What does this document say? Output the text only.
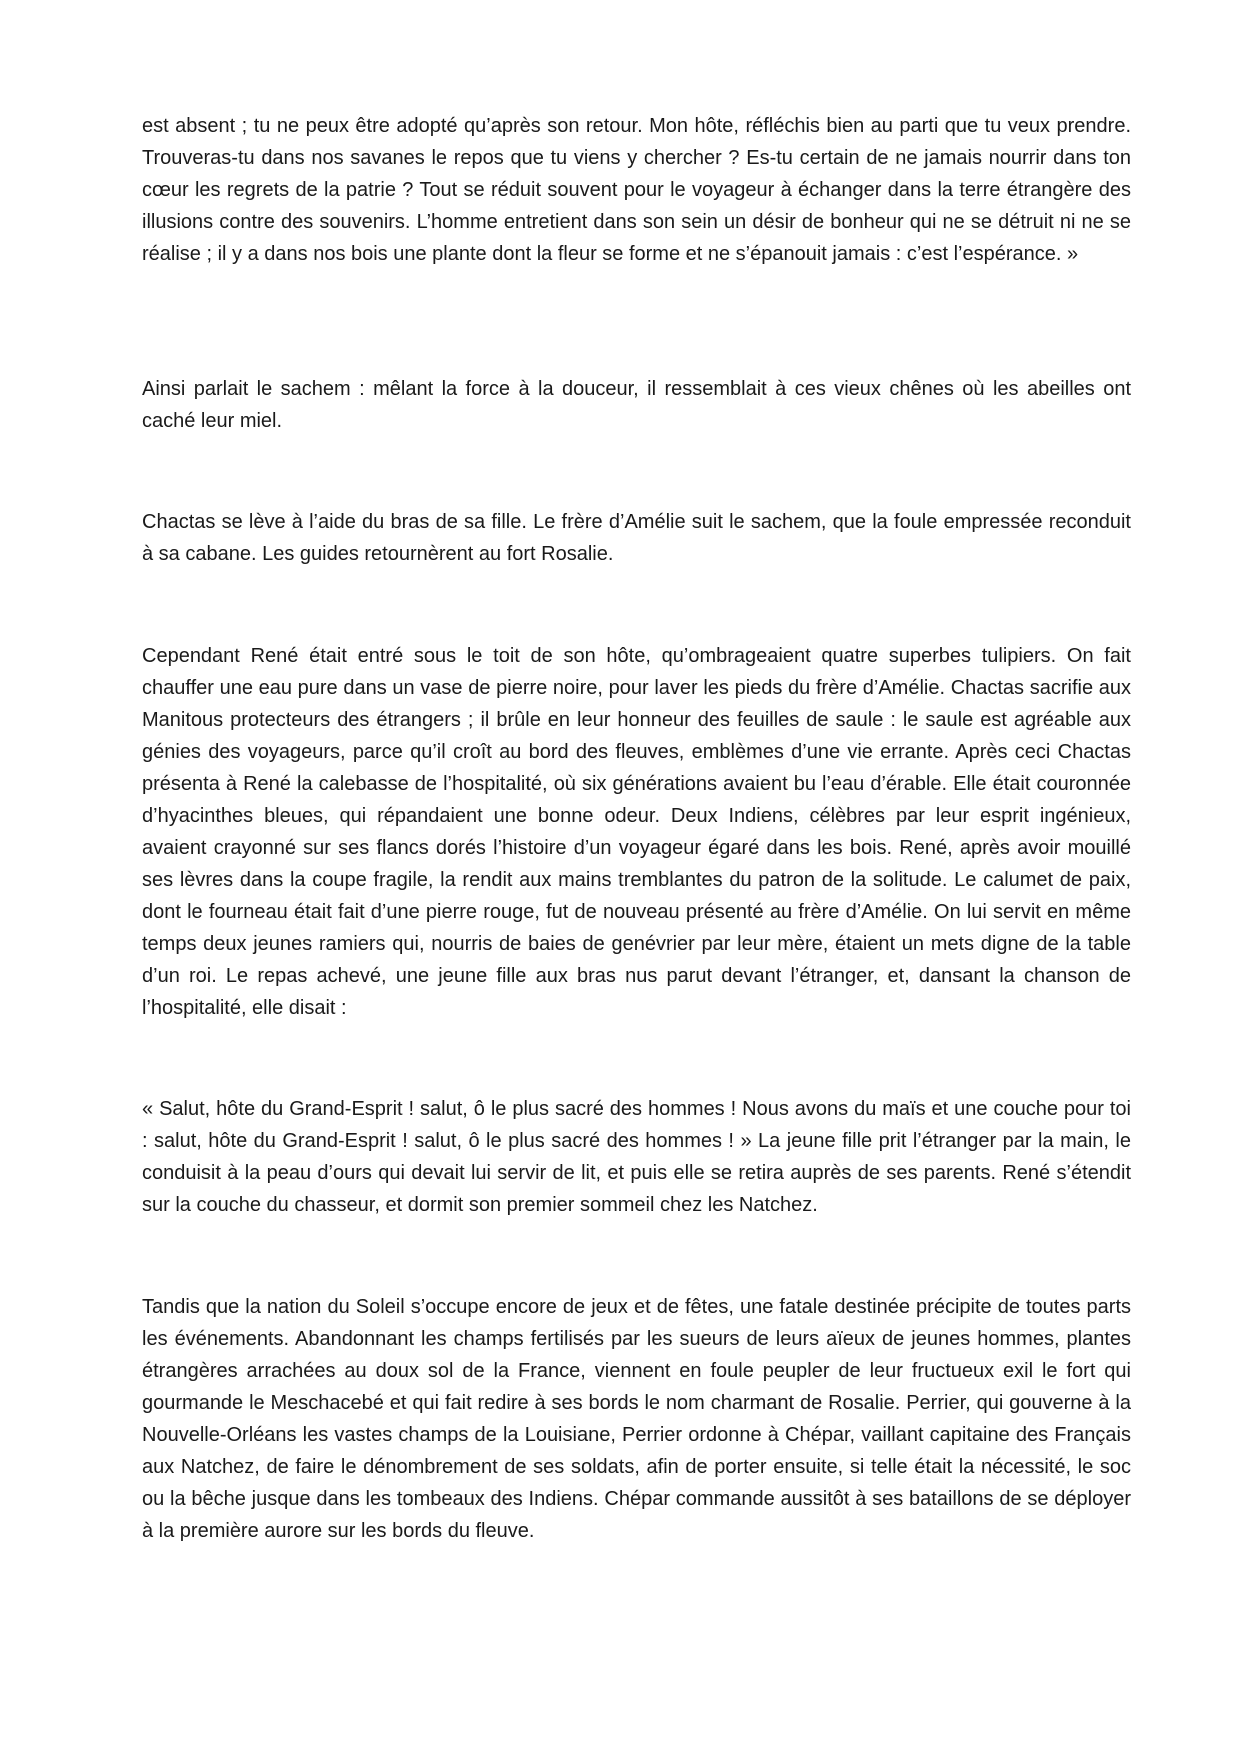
est absent ; tu ne peux être adopté qu’après son retour. Mon hôte, réfléchis bien au parti que tu veux prendre. Trouveras-tu dans nos savanes le repos que tu viens y chercher ? Es-tu certain de ne jamais nourrir dans ton cœur les regrets de la patrie ? Tout se réduit souvent pour le voyageur à échanger dans la terre étrangère des illusions contre des souvenirs. L’homme entretient dans son sein un désir de bonheur qui ne se détruit ni ne se réalise ; il y a dans nos bois une plante dont la fleur se forme et ne s’épanouit jamais : c’est l’espérance. »

Ainsi parlait le sachem : mêlant la force à la douceur, il ressemblait à ces vieux chênes où les abeilles ont caché leur miel.

Chactas se lève à l’aide du bras de sa fille. Le frère d’Amélie suit le sachem, que la foule empressée reconduit à sa cabane. Les guides retournèrent au fort Rosalie.

Cependant René était entré sous le toit de son hôte, qu’ombrageaient quatre superbes tulipiers. On fait chauffer une eau pure dans un vase de pierre noire, pour laver les pieds du frère d’Amélie. Chactas sacrifie aux Manitous protecteurs des étrangers ; il brûle en leur honneur des feuilles de saule : le saule est agréable aux génies des voyageurs, parce qu’il croît au bord des fleuves, emblèmes d’une vie errante. Après ceci Chactas présenta à René la calebasse de l’hospitalité, où six générations avaient bu l’eau d’érable. Elle était couronnée d’hyacinthes bleues, qui répandaient une bonne odeur. Deux Indiens, célèbres par leur esprit ingénieux, avaient crayonné sur ses flancs dorés l’histoire d’un voyageur égaré dans les bois. René, après avoir mouillé ses lèvres dans la coupe fragile, la rendit aux mains tremblantes du patron de la solitude. Le calumet de paix, dont le fourneau était fait d’une pierre rouge, fut de nouveau présenté au frère d’Amélie. On lui servit en même temps deux jeunes ramiers qui, nourris de baies de genévrier par leur mère, étaient un mets digne de la table d’un roi. Le repas achevé, une jeune fille aux bras nus parut devant l’étranger, et, dansant la chanson de l’hospitalité, elle disait :

« Salut, hôte du Grand-Esprit ! salut, ô le plus sacré des hommes ! Nous avons du maïs et une couche pour toi : salut, hôte du Grand-Esprit ! salut, ô le plus sacré des hommes ! » La jeune fille prit l’étranger par la main, le conduisit à la peau d’ours qui devait lui servir de lit, et puis elle se retira auprès de ses parents. René s’étendit sur la couche du chasseur, et dormit son premier sommeil chez les Natchez.

Tandis que la nation du Soleil s’occupe encore de jeux et de fêtes, une fatale destinée précipite de toutes parts les événements. Abandonnant les champs fertilisés par les sueurs de leurs aïeux de jeunes hommes, plantes étrangères arrachées au doux sol de la France, viennent en foule peupler de leur fructueux exil le fort qui gourmande le Meschacebé et qui fait redire à ses bords le nom charmant de Rosalie. Perrier, qui gouverne à la Nouvelle-Orléans les vastes champs de la Louisiane, Perrier ordonne à Chépar, vaillant capitaine des Français aux Natchez, de faire le dénombrement de ses soldats, afin de porter ensuite, si telle était la nécessité, le soc ou la bêche jusque dans les tombeaux des Indiens. Chépar commande aussitôt à ses bataillons de se déployer à la première aurore sur les bords du fleuve.
